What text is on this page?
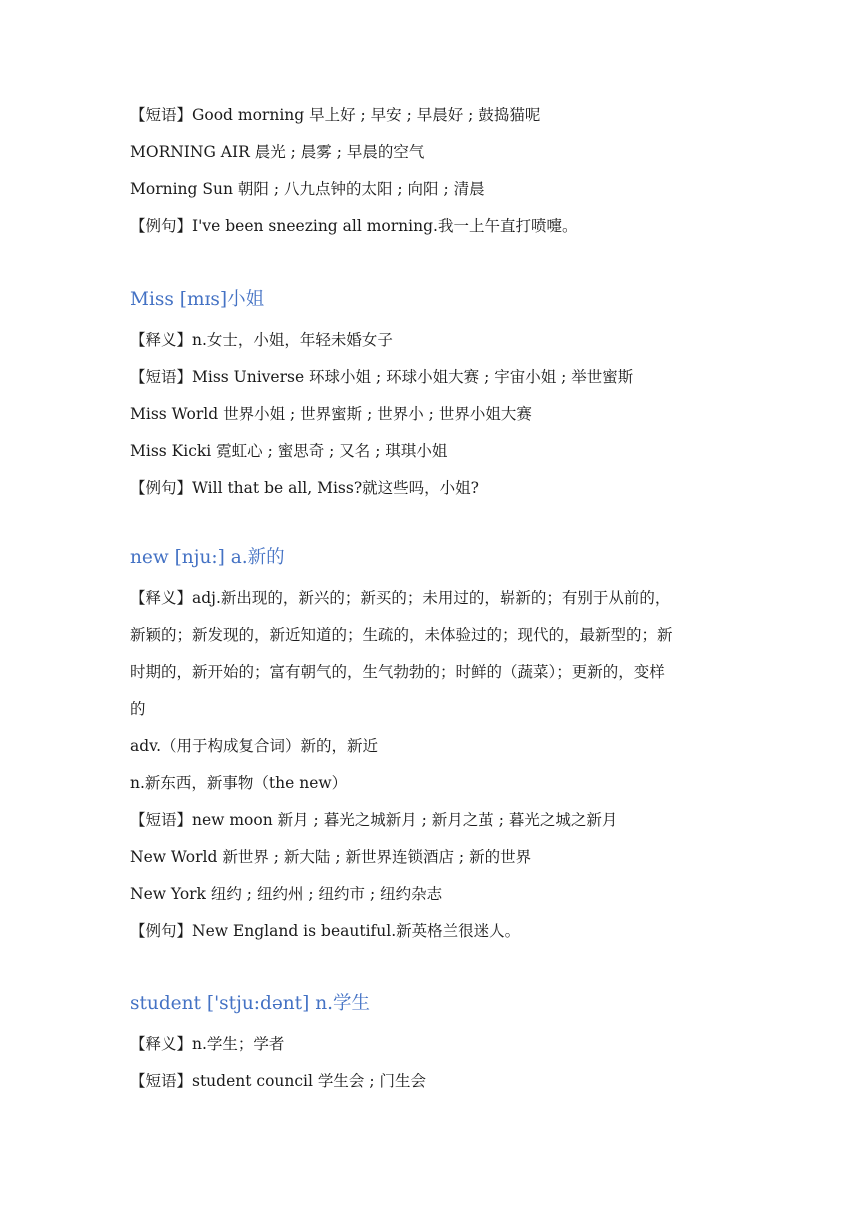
【短语】Good morning 早上好 ; 早安 ; 早晨好 ; 鼓捣猫呢
MORNING AIR 晨光 ; 晨雾 ; 早晨的空气
Morning Sun 朝阳 ; 八九点钟的太阳 ; 向阳 ; 清晨
【例句】I've been sneezing all morning.我一上午直打喷嚏。
Miss [mɪs]小姐
【释义】n.女士，小姐，年轻未婚女子
【短语】Miss Universe 环球小姐 ; 环球小姐大赛 ; 宇宙小姐 ; 举世蜜斯
Miss World 世界小姐 ; 世界蜜斯 ; 世界小 ; 世界小姐大赛
Miss Kicki 霓虹心 ; 蜜思奇 ; 又名 ; 琪琪小姐
【例句】Will that be all, Miss?就这些吗，小姐?
new [nju:] a.新的
【释义】adj.新出现的，新兴的；新买的；未用过的，崭新的；有别于从前的，
新颖的；新发现的，新近知道的；生疏的，未体验过的；现代的，最新型的；新
时期的，新开始的；富有朝气的，生气勃勃的；时鲜的（蔬菜）；更新的，变样
的
adv.（用于构成复合词）新的，新近
n.新东西，新事物（the new）
【短语】new moon 新月 ; 暮光之城新月 ; 新月之茧 ; 暮光之城之新月
New World 新世界 ; 新大陆 ; 新世界连锁酒店 ; 新的世界
New York 纽约 ; 纽约州 ; 纽约市 ; 纽约杂志
【例句】New England is beautiful.新英格兰很迷人。
student ['stju:dənt] n.学生
【释义】n.学生；学者
【短语】student council 学生会 ; 门生会
